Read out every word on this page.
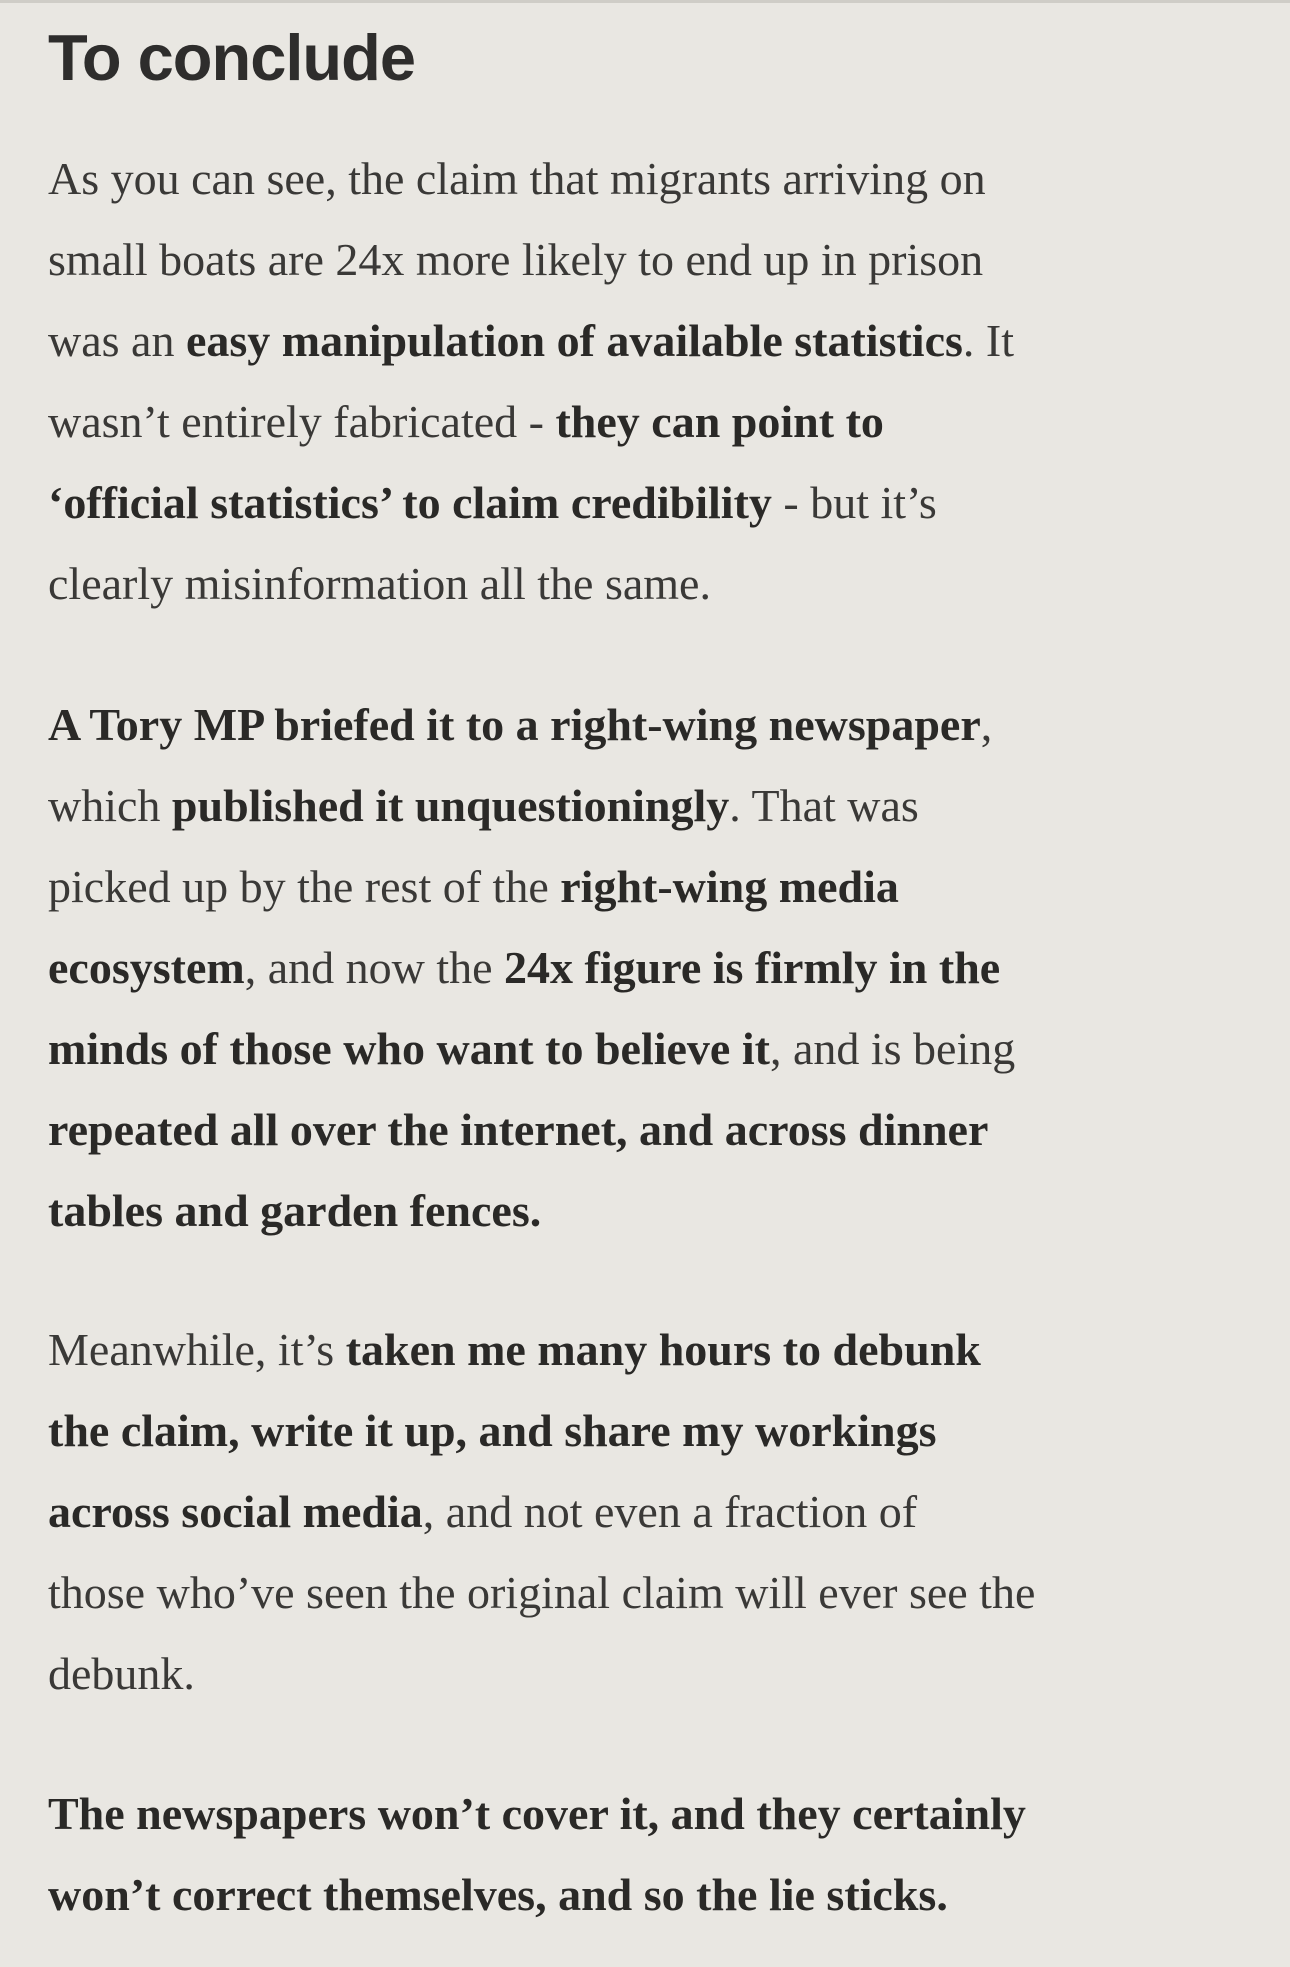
To conclude

As you can see, the claim that migrants arriving on
small boats are 24x more likely to end up in prison
was an easy manipulation of available statistics. It
wasn’t entirely fabricated - they can point to
‘official statistics’ to claim credibility - but it’s
clearly misinformation all the same.

A Tory MP briefed it to a right-wing newspaper,
which published it unquestioningly. That was
picked up by the rest of the right-wing media
ecosystem, and now the 24x figure is firmly in the
minds of those who want to believe it, and is being
repeated all over the internet, and across dinner
tables and garden fences.

Meanwhile, it’s taken me many hours to debunk
the claim, write it up, and share my workings
across social media, and not even a fraction of
those who’ve seen the original claim will ever see the
debunk.

The newspapers won’t cover it, and they certainly
won’t correct themselves, and so the lie sticks.
